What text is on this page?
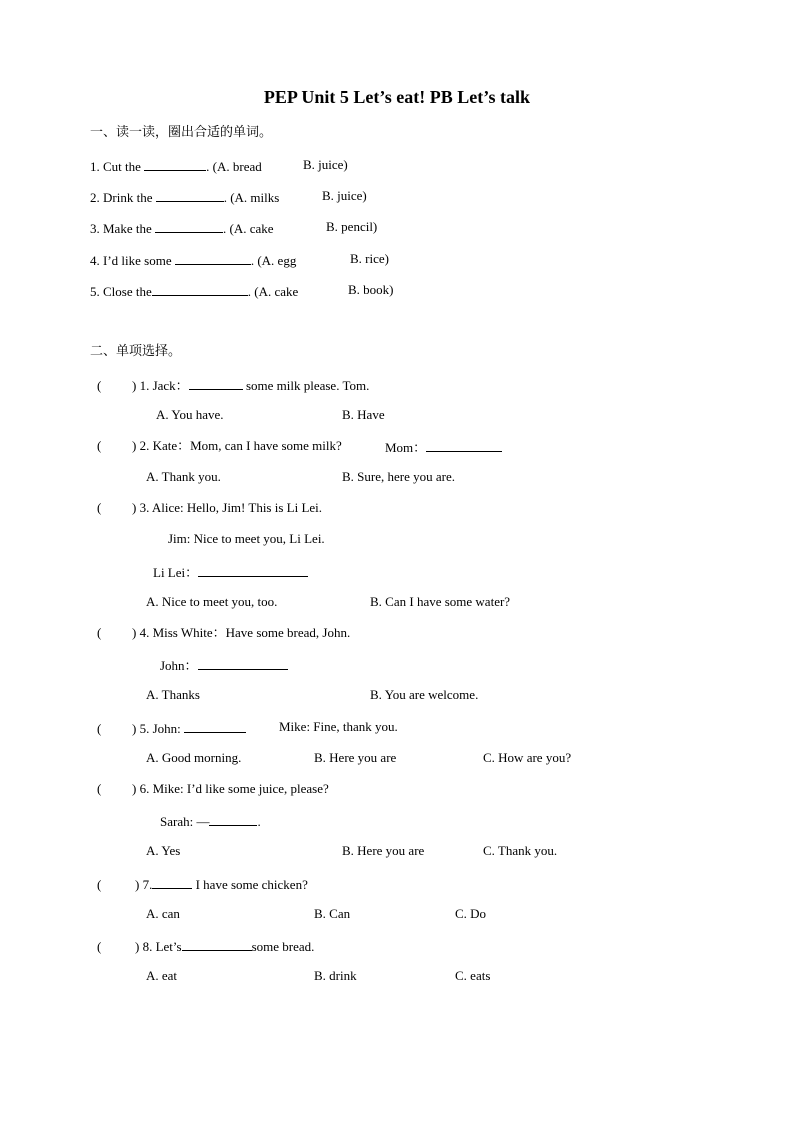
PEP Unit 5 Let’s eat! PB Let’s talk
一、读一读，圈出合适的单词。
1. Cut the	. (A. bread	B. juice)
2. Drink the	. (A. milks	B. juice)
3. Make the	. (A. cake	B. pencil)
4. I’d like some	. (A. egg	B. rice)
5. Close the	. (A. cake	B. book)
二、单项选择。
( ) 1. Jack：	some milk please. Tom.
A. You have.	B. Have
( ) 2. Kate：Mom, can I have some milk?	Mom：
A. Thank you.	B. Sure, here you are.
( ) 3. Alice: Hello, Jim! This is Li Lei.
Jim: Nice to meet you, Li Lei.
Li Lei：
A. Nice to meet you, too.	B. Can I have some water?
( ) 4. Miss White：Have some bread, John.
John：
A. Thanks	B. You are welcome.
( ) 5. John:	Mike: Fine, thank you.
A. Good morning.	B. Here you are	C. How are you?
( ) 6. Mike: I’d like some juice, please?
Sarah: —	.
A. Yes	B. Here you are	C. Thank you.
(	) 7.	I have some chicken?
A. can	B. Can	C. Do
(	) 8. Let’s	some bread.
A. eat	B. drink	C. eats
